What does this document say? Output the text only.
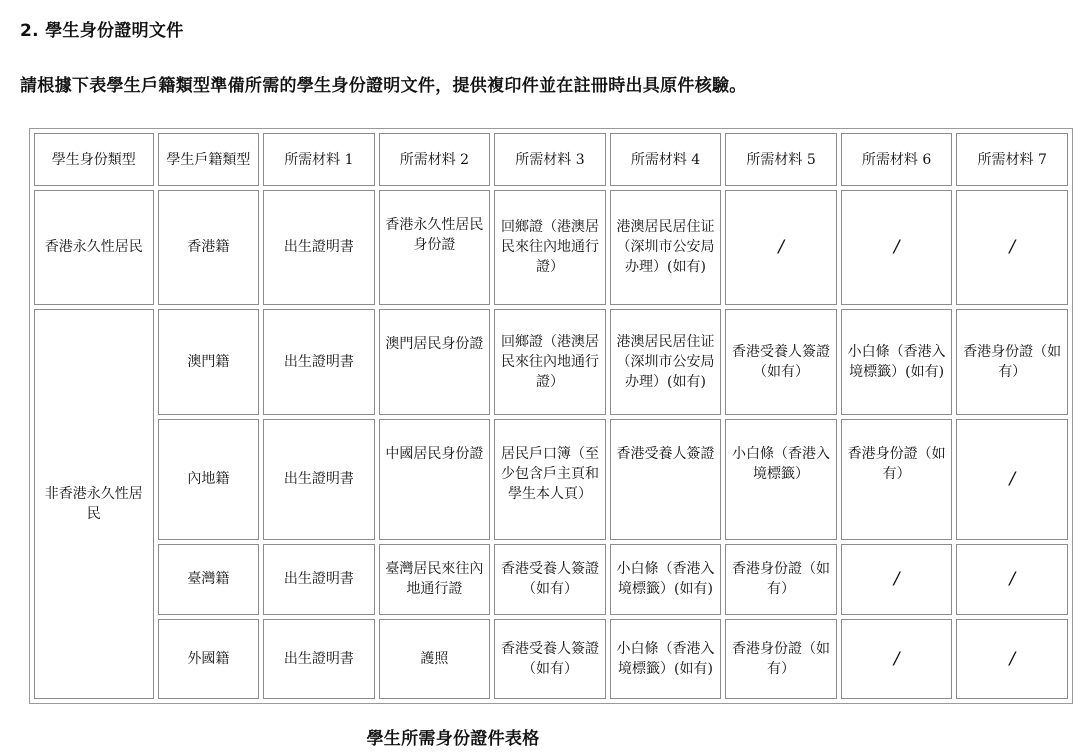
2. 學生身份證明文件
請根據下表學生戶籍類型準備所需的學生身份證明文件，提供複印件並在註冊時出具原件核驗。
學生身份類型	學生戶籍類型	所需材料 1	所需材料 2	所需材料 3	所需材料 4	所需材料 5	所需材料 6	所需材料 7
香港永久性居民	香港籍	出生證明書	香港永久性居民身份證	回鄉證（港澳居民來往內地通行證）	港澳居民居住证（深圳市公安局办理）(如有)	/	/	/
非香港永久性居民	澳門籍	出生證明書	澳門居民身份證	回鄉證（港澳居民來往內地通行證）	港澳居民居住证（深圳市公安局办理）(如有)	香港受養人簽證（如有）	小白條（香港入境標籤）(如有)	香港身份證（如有）
	內地籍	出生證明書	中國居民身份證	居民戶口簿（至少包含戶主頁和學生本人頁）	香港受養人簽證	小白條（香港入境標籤）	香港身份證（如有）	/
	臺灣籍	出生證明書	臺灣居民來往內地通行證	香港受養人簽證（如有）	小白條（香港入境標籤）(如有)	香港身份證（如有）	/	/
	外國籍	出生證明書	護照	香港受養人簽證（如有）	小白條（香港入境標籤）(如有)	香港身份證（如有）	/	/
學生所需身份證件表格
